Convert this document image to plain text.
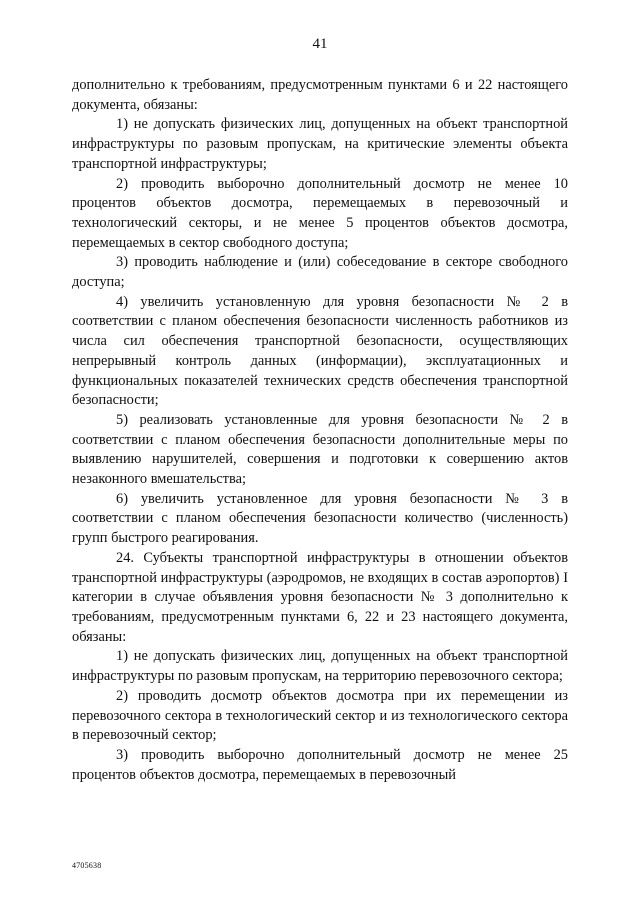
41

дополнительно к требованиям, предусмотренным пунктами 6 и 22 настоящего документа, обязаны:

1) не допускать физических лиц, допущенных на объект транспортной инфраструктуры по разовым пропускам, на критические элементы объекта транспортной инфраструктуры;

2) проводить выборочно дополнительный досмотр не менее 10 процентов объектов досмотра, перемещаемых в перевозочный и технологический секторы, и не менее 5 процентов объектов досмотра, перемещаемых в сектор свободного доступа;

3) проводить наблюдение и (или) собеседование в секторе свободного доступа;

4) увеличить установленную для уровня безопасности № 2 в соответствии с планом обеспечения безопасности численность работников из числа сил обеспечения транспортной безопасности, осуществляющих непрерывный контроль данных (информации), эксплуатационных и функциональных показателей технических средств обеспечения транспортной безопасности;

5) реализовать установленные для уровня безопасности № 2 в соответствии с планом обеспечения безопасности дополнительные меры по выявлению нарушителей, совершения и подготовки к совершению актов незаконного вмешательства;

6) увеличить установленное для уровня безопасности № 3 в соответствии с планом обеспечения безопасности количество (численность) групп быстрого реагирования.

24. Субъекты транспортной инфраструктуры в отношении объектов транспортной инфраструктуры (аэродромов, не входящих в состав аэропортов) I категории в случае объявления уровня безопасности № 3 дополнительно к требованиям, предусмотренным пунктами 6, 22 и 23 настоящего документа, обязаны:

1) не допускать физических лиц, допущенных на объект транспортной инфраструктуры по разовым пропускам, на территорию перевозочного сектора;

2) проводить досмотр объектов досмотра при их перемещении из перевозочного сектора в технологический сектор и из технологического сектора в перевозочный сектор;

3) проводить выборочно дополнительный досмотр не менее 25 процентов объектов досмотра, перемещаемых в перевозочный

4705638
